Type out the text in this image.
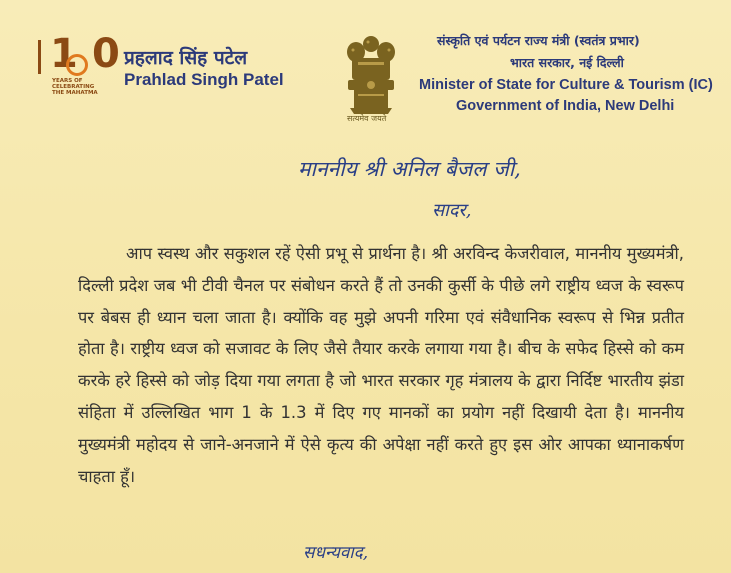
1 0
YEARS OF
CELEBRATING
THE MAHATMA
प्रहलाद सिंह पटेल
Prahlad Singh Patel
सत्यमेव जयते
संस्कृति एवं पर्यटन राज्य मंत्री (स्वतंत्र प्रभार)
भारत सरकार, नई दिल्ली
Minister of State for Culture & Tourism (IC)
Government of India, New Delhi
माननीय श्री अनिल बैजल जी,
सादर,

आप स्वस्थ और सकुशल रहें ऐसी प्रभू से प्रार्थना है। श्री अरविन्द केजरीवाल, माननीय मुख्यमंत्री, दिल्ली प्रदेश जब भी टीवी चैनल पर संबोधन करते हैं तो उनकी कुर्सी के पीछे लगे राष्ट्रीय ध्वज के स्वरूप पर बेबस ही ध्यान चला जाता है। क्योंकि वह मुझे अपनी गरिमा एवं संवैधानिक स्वरूप से भिन्न प्रतीत होता है। राष्ट्रीय ध्वज को सजावट के लिए जैसे तैयार करके लगाया गया है। बीच के सफेद हिस्से को कम करके हरे हिस्से को जोड़ दिया गया लगता है जो भारत सरकार गृह मंत्रालय के द्वारा निर्दिष्ट भारतीय झंडा संहिता में उल्लिखित भाग 1 के 1.3 में दिए गए मानकों का प्रयोग नहीं दिखायी देता है। माननीय मुख्यमंत्री महोदय से जाने-अनजाने में ऐसे कृत्य की अपेक्षा नहीं करते हुए इस ओर आपका ध्यानाकर्षण चाहता हूँ।

सधन्यवाद,
